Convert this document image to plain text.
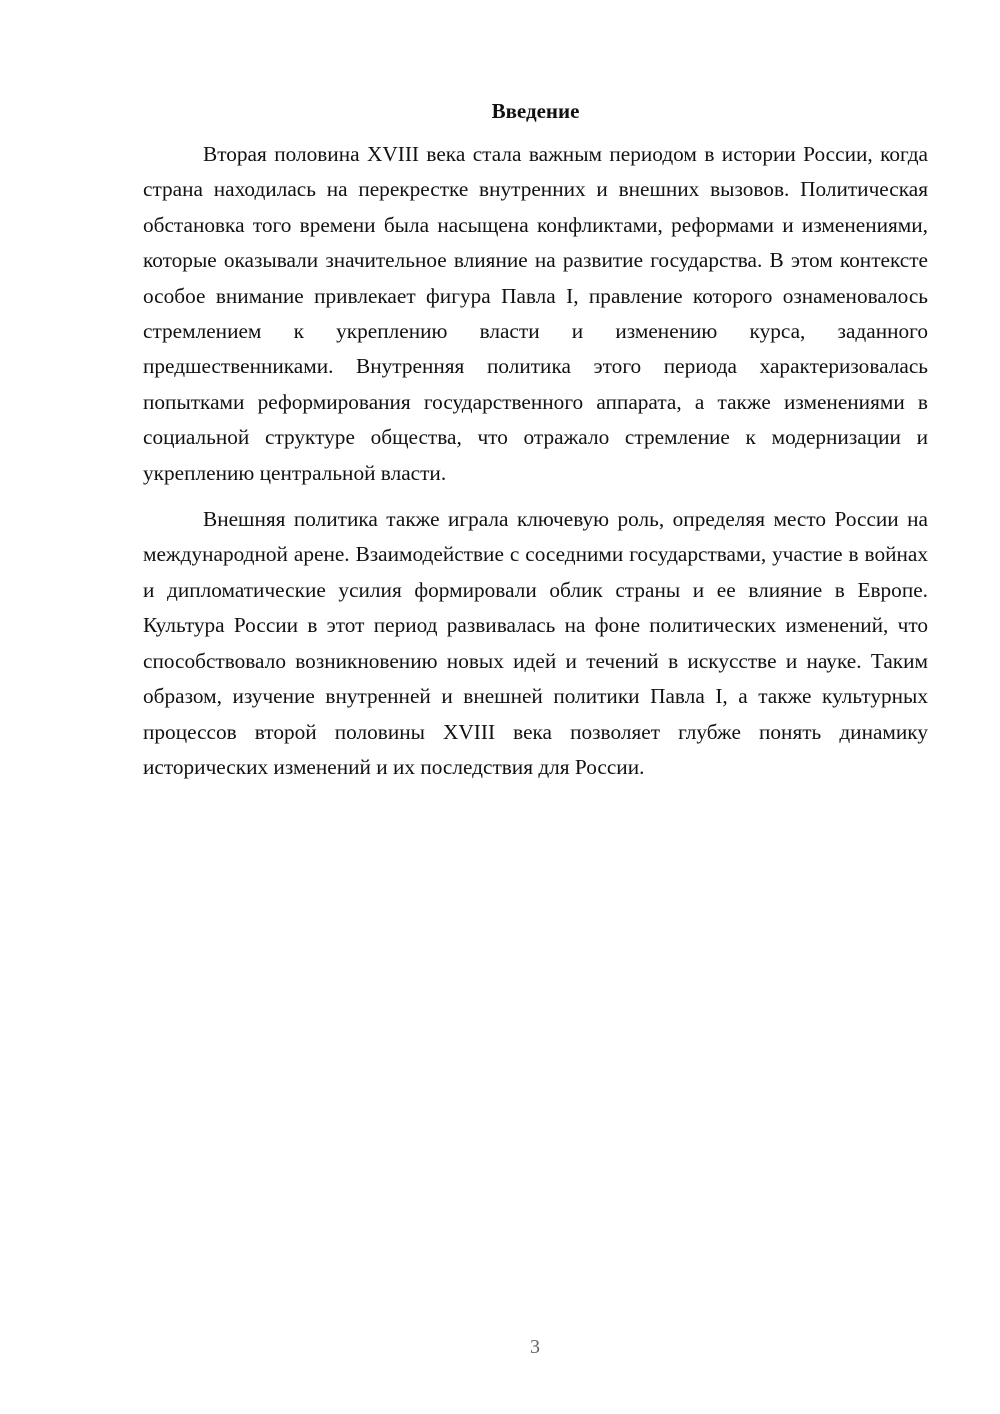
Введение

Вторая половина XVIII века стала важным периодом в истории России, когда страна находилась на перекрестке внутренних и внешних вызовов. Политическая обстановка того времени была насыщена конфликтами, реформами и изменениями, которые оказывали значительное влияние на развитие государства. В этом контексте особое внимание привлекает фигура Павла I, правление которого ознаменовалось стремлением к укреплению власти и изменению курса, заданного предшественниками. Внутренняя политика этого периода характеризовалась попытками реформирования государственного аппарата, а также изменениями в социальной структуре общества, что отражало стремление к модернизации и укреплению центральной власти.

Внешняя политика также играла ключевую роль, определяя место России на международной арене. Взаимодействие с соседними государствами, участие в войнах и дипломатические усилия формировали облик страны и ее влияние в Европе. Культура России в этот период развивалась на фоне политических изменений, что способствовало возникновению новых идей и течений в искусстве и науке. Таким образом, изучение внутренней и внешней политики Павла I, а также культурных процессов второй половины XVIII века позволяет глубже понять динамику исторических изменений и их последствия для России.

3
